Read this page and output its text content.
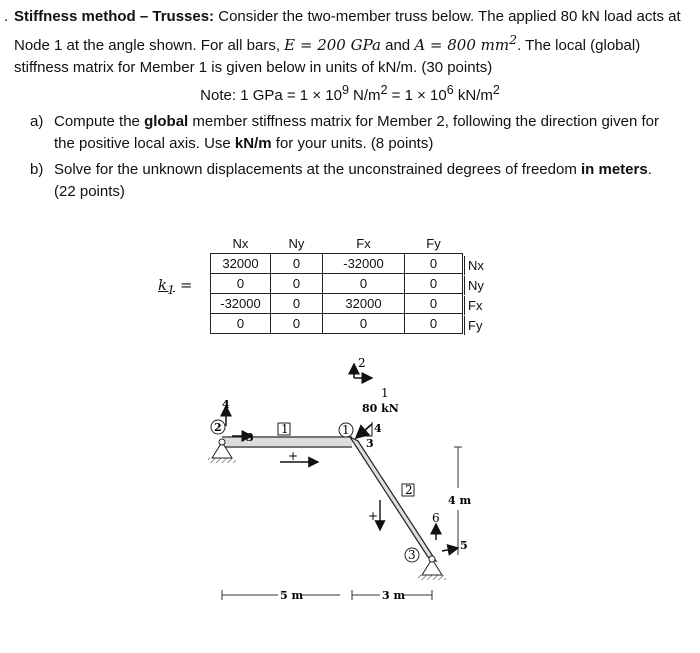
. Stiffness method – Trusses: Consider the two-member truss below. The applied 80 kN load acts at
Node 1 at the angle shown. For all bars, E = 200 GPa and A = 800 $mm^2$. The local (global)
stiffness matrix for Member 1 is given below in units of kN/m. (30 points)
Note: 1 GPa = $1 \times 10^9$ $N/m^2 = 1 \times 10^6$ $kN/m^2$
a) Compute the global member stiffness matrix for Member 2, following the direction given for the positive local axis. Use kN/m for your units. (8 points)
b) Solve for the unknown displacements at the unconstrained degrees of freedom in meters. (22 points)
$k_1$ =
Nx	Ny	Fx	Fy
32000	0	-32000	0
0	0	0	0
-32000	0	32000	0
0	0	0	0
Nx
Ny
Fx
Fy
4
3
2
2
1
80 kN
1 4
3
1
2
+
+
3
6
5
4 m
5 m	3 m
